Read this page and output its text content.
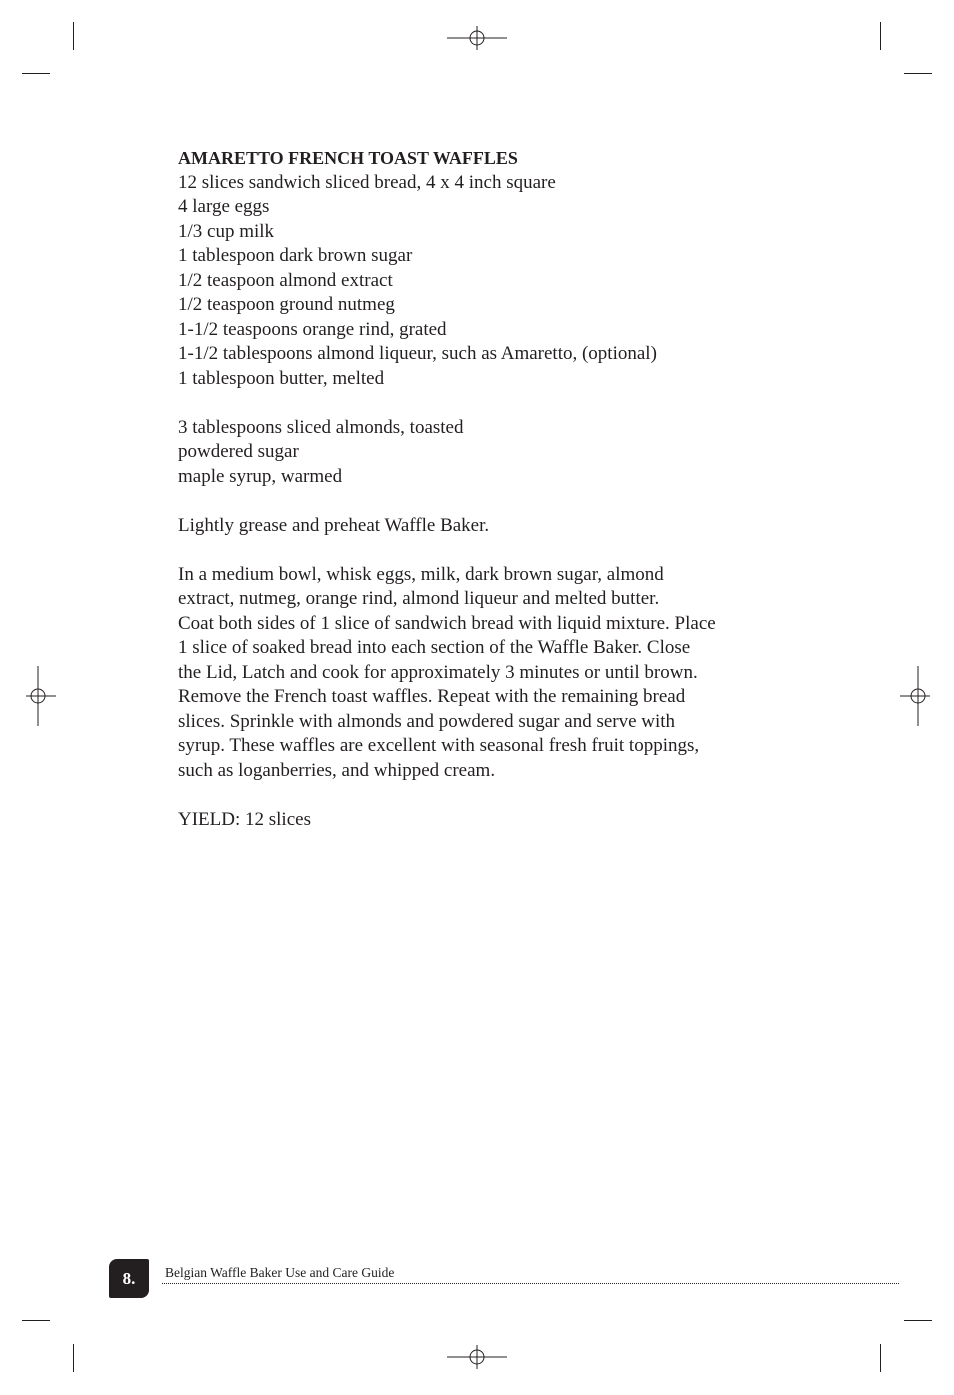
AMARETTO FRENCH TOAST WAFFLES
12 slices sandwich sliced bread, 4 x 4 inch square
4 large eggs
1/3 cup milk
1 tablespoon dark brown sugar
1/2 teaspoon almond extract
1/2 teaspoon ground nutmeg
1-1/2 teaspoons orange rind, grated
1-1/2 tablespoons almond liqueur, such as Amaretto, (optional)
1 tablespoon butter, melted
3 tablespoons sliced almonds, toasted
powdered sugar
maple syrup, warmed

Lightly grease and preheat Waffle Baker.

In a medium bowl, whisk eggs, milk, dark brown sugar, almond
extract, nutmeg, orange rind, almond liqueur and melted butter.
Coat both sides of 1 slice of sandwich bread with liquid mixture. Place
1 slice of soaked bread into each section of the Waffle Baker. Close
the Lid, Latch and cook for approximately 3 minutes or until brown.
Remove the French toast waffles. Repeat with the remaining bread
slices. Sprinkle with almonds and powdered sugar and serve with
syrup. These waffles are excellent with seasonal fresh fruit toppings,
such as loganberries, and whipped cream.

YIELD: 12 slices

8. Belgian Waffle Baker Use and Care Guide
